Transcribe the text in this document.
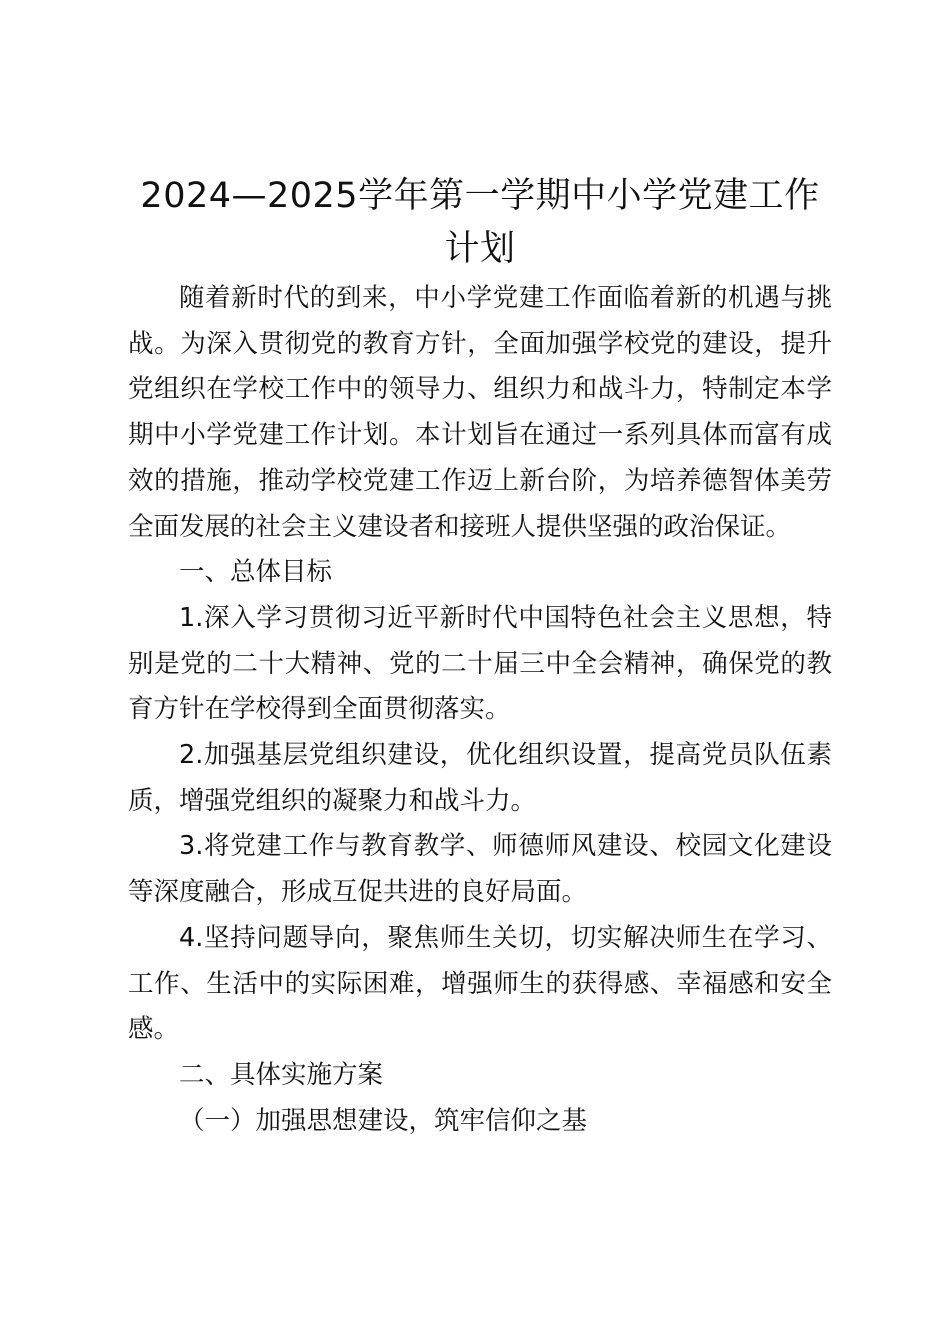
2024—2025学年第一学期中小学党建工作计划

随着新时代的到来，中小学党建工作面临着新的机遇与挑战。为深入贯彻党的教育方针，全面加强学校党的建设，提升党组织在学校工作中的领导力、组织力和战斗力，特制定本学期中小学党建工作计划。本计划旨在通过一系列具体而富有成效的措施，推动学校党建工作迈上新台阶，为培养德智体美劳全面发展的社会主义建设者和接班人提供坚强的政治保证。

一、总体目标

1.深入学习贯彻习近平新时代中国特色社会主义思想，特别是党的二十大精神、党的二十届三中全会精神，确保党的教育方针在学校得到全面贯彻落实。

2.加强基层党组织建设，优化组织设置，提高党员队伍素质，增强党组织的凝聚力和战斗力。

3.将党建工作与教育教学、师德师风建设、校园文化建设等深度融合，形成互促共进的良好局面。

4.坚持问题导向，聚焦师生关切，切实解决师生在学习、工作、生活中的实际困难，增强师生的获得感、幸福感和安全感。

二、具体实施方案

（一）加强思想建设，筑牢信仰之基
